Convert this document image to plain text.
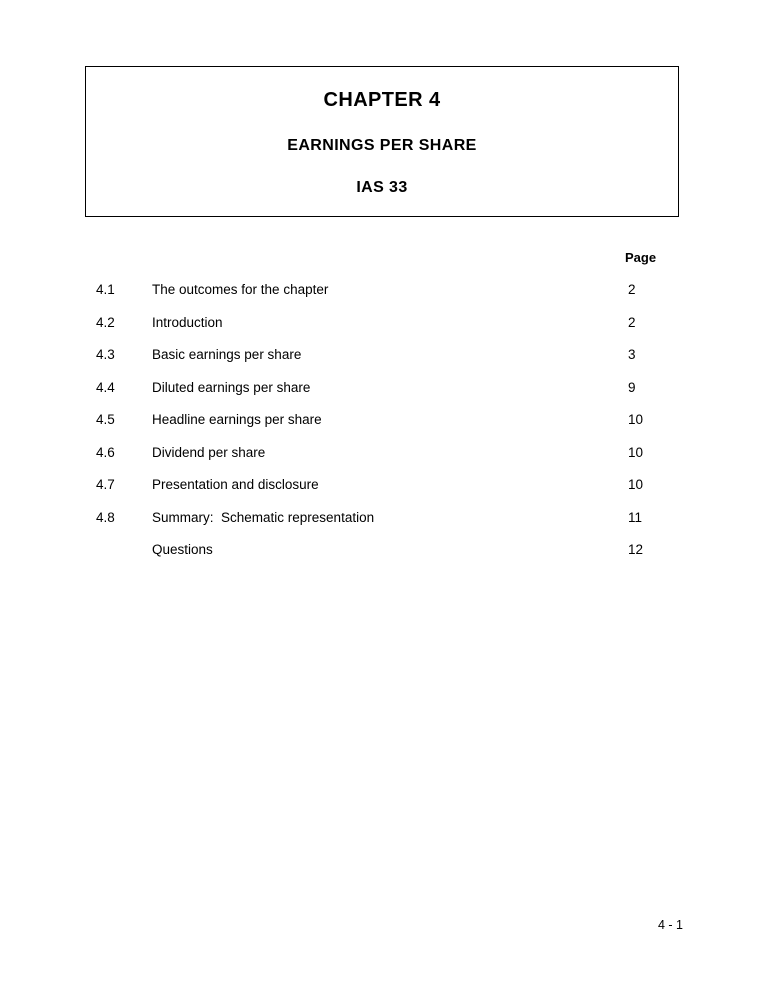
CHAPTER 4
EARNINGS PER SHARE
IAS 33
Page
4.1	The outcomes for the chapter	2
4.2	Introduction	2
4.3	Basic earnings per share	3
4.4	Diluted earnings per share	9
4.5	Headline earnings per share	10
4.6	Dividend per share	10
4.7	Presentation and disclosure	10
4.8	Summary:  Schematic representation	11
Questions	12
4 - 1
